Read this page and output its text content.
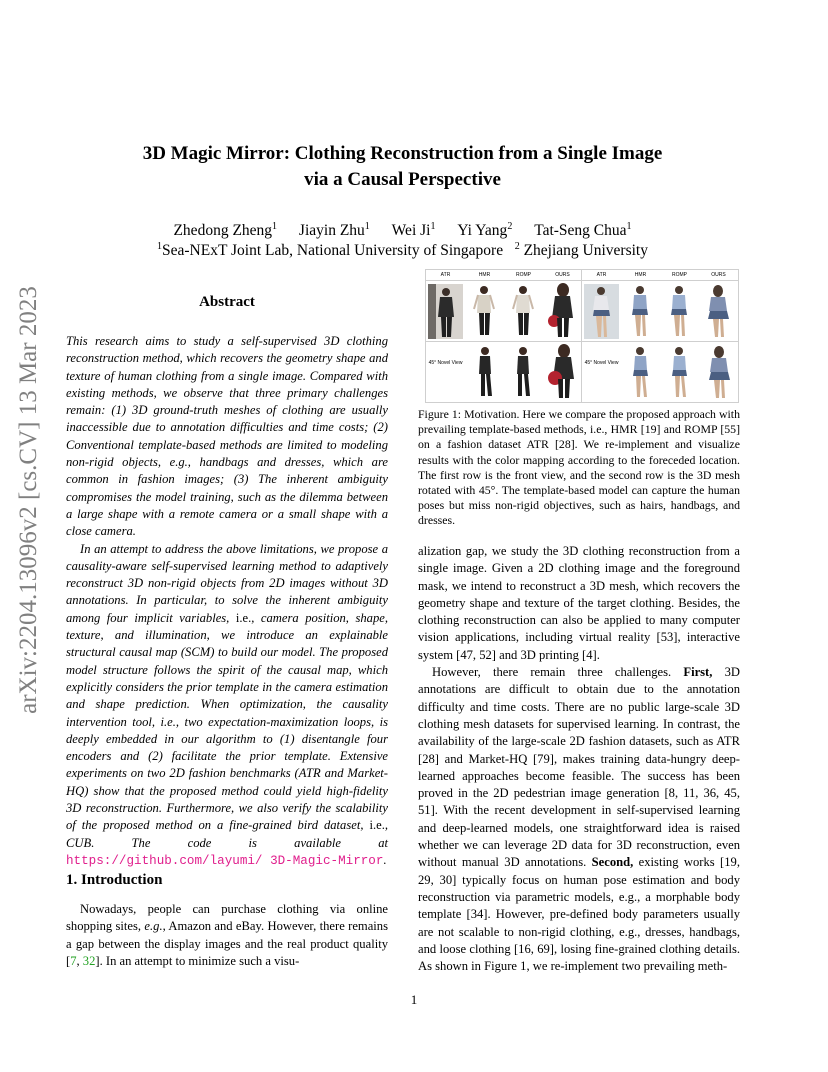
arXiv:2204.13096v2 [cs.CV] 13 Mar 2023
3D Magic Mirror: Clothing Reconstruction from a Single Image
via a Causal Perspective
Zhedong Zheng$^1$ Jiayin Zhu$^1$ Wei Ji$^1$ Yi Yang$^2$ Tat-Seng Chua$^1$
$^1$Sea-NExT Joint Lab, National University of Singapore $^2$ Zhejiang University
Abstract

This research aims to study a self-supervised 3D clothing reconstruction method, which recovers the geometry shape and texture of human clothing from a single image. Compared with existing methods, we observe that three primary challenges remain: (1) 3D ground-truth meshes of clothing are usually inaccessible due to annotation difficulties and time costs; (2) Conventional template-based methods are limited to modeling non-rigid objects, e.g., handbags and dresses, which are common in fashion images; (3) The inherent ambiguity compromises the model training, such as the dilemma between a large shape with a remote camera or a small shape with a close camera.

In an attempt to address the above limitations, we propose a causality-aware self-supervised learning method to adaptively reconstruct 3D non-rigid objects from 2D images without 3D annotations. In particular, to solve the inherent ambiguity among four implicit variables, i.e., camera position, shape, texture, and illumination, we introduce an explainable structural causal map (SCM) to build our model. The proposed model structure follows the spirit of the causal map, which explicitly considers the prior template in the camera estimation and shape prediction. When optimization, the causality intervention tool, i.e., two expectation-maximization loops, is deeply embedded in our algorithm to (1) disentangle four encoders and (2) facilitate the prior template. Extensive experiments on two 2D fashion benchmarks (ATR and Market-HQ) show that the proposed method could yield high-fidelity 3D reconstruction. Furthermore, we also verify the scalability of the proposed method on a fine-grained bird dataset, i.e., CUB. The code is available at https://github.com/layumi/ 3D-Magic-Mirror.

1. Introduction

Nowadays, people can purchase clothing via online shopping sites, e.g., Amazon and eBay. However, there remains a gap between the display images and the real product quality [7, 32]. In an attempt to minimize such a visu-

ATR	HMR	ROMP	OURS	ATR	HMR	ROMP	OURS
45° Novel View	45° Novel View

Figure 1: Motivation. Here we compare the proposed approach with prevailing template-based methods, i.e., HMR [19] and ROMP [55] on a fashion dataset ATR [28]. We re-implement and visualize results with the color mapping according to the foreceded location. The first row is the front view, and the second row is the 3D mesh rotated with 45°. The template-based model can capture the human poses but miss non-rigid objectives, such as hairs, handbags, and dresses.

alization gap, we study the 3D clothing reconstruction from a single image. Given a 2D clothing image and the foreground mask, we intend to reconstruct a 3D mesh, which recovers the geometry shape and texture of the target clothing. Besides, the clothing reconstruction can also be applied to many computer vision applications, including virtual reality [53], interactive system [47, 52] and 3D printing [4].

However, there remain three challenges. First, 3D annotations are difficult to obtain due to the annotation difficulty and time costs. There are no public large-scale 3D clothing mesh datasets for supervised learning. In contrast, the availability of the large-scale 2D fashion datasets, such as ATR [28] and Market-HQ [79], makes training data-hungry deep-learned approaches become feasible. The success has been proved in the 2D pedestrian image generation [8, 11, 36, 45, 51]. With the recent development in self-supervised learning and deep-learned models, one straightforward idea is raised whether we can leverage 2D data for 3D reconstruction, even without manual 3D annotations. Second, existing works [19, 29, 30] typically focus on human pose estimation and body reconstruction via parametric models, e.g., a morphable body template [34]. However, pre-defined body parameters usually are not scalable to non-rigid clothing, e.g., dresses, handbags, and loose clothing [16, 69], losing fine-grained clothing details. As shown in Figure 1, we re-implement two prevailing meth-

1
